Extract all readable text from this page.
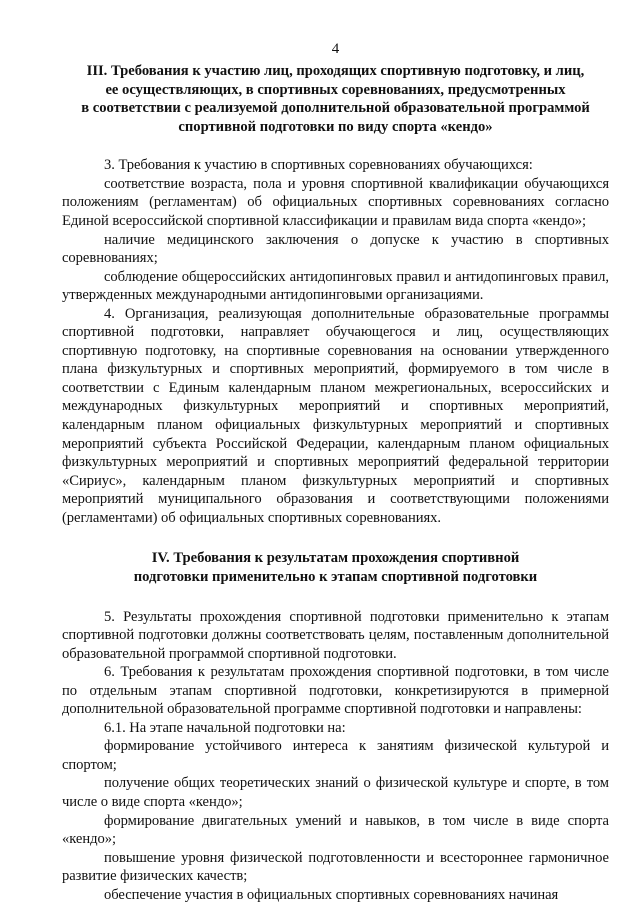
4
III. Требования к участию лиц, проходящих спортивную подготовку, и лиц,
ее осуществляющих, в спортивных соревнованиях, предусмотренных
в соответствии с реализуемой дополнительной образовательной программой
спортивной подготовки по виду спорта «кендо»

3. Требования к участию в спортивных соревнованиях обучающихся:

соответствие возраста, пола и уровня спортивной квалификации обучающихся положениям (регламентам) об официальных спортивных соревнованиях согласно Единой всероссийской спортивной классификации и правилам вида спорта «кендо»;

наличие медицинского заключения о допуске к участию в спортивных соревнованиях;

соблюдение общероссийских антидопинговых правил и антидопинговых правил, утвержденных международными антидопинговыми организациями.

4. Организация, реализующая дополнительные образовательные программы спортивной подготовки, направляет обучающегося и лиц, осуществляющих спортивную подготовку, на спортивные соревнования на основании утвержденного плана физкультурных и спортивных мероприятий, формируемого в том числе в соответствии с Единым календарным планом межрегиональных, всероссийских и международных физкультурных мероприятий и спортивных мероприятий, календарным планом официальных физкультурных мероприятий и спортивных мероприятий субъекта Российской Федерации, календарным планом официальных физкультурных мероприятий и спортивных мероприятий федеральной территории «Сириус», календарным планом физкультурных мероприятий и спортивных мероприятий муниципального образования и соответствующими положениями (регламентами) об официальных спортивных соревнованиях.

IV. Требования к результатам прохождения спортивной
подготовки применительно к этапам спортивной подготовки

5. Результаты прохождения спортивной подготовки применительно к этапам спортивной подготовки должны соответствовать целям, поставленным дополнительной образовательной программой спортивной подготовки.

6. Требования к результатам прохождения спортивной подготовки, в том числе по отдельным этапам спортивной подготовки, конкретизируются в примерной дополнительной образовательной программе спортивной подготовки и направлены:

6.1. На этапе начальной подготовки на:

формирование устойчивого интереса к занятиям физической культурой и спортом;

получение общих теоретических знаний о физической культуре и спорте, в том числе о виде спорта «кендо»;

формирование двигательных умений и навыков, в том числе в виде спорта «кендо»;

повышение уровня физической подготовленности и всестороннее гармоничное развитие физических качеств;

обеспечение участия в официальных спортивных соревнованиях начиная
